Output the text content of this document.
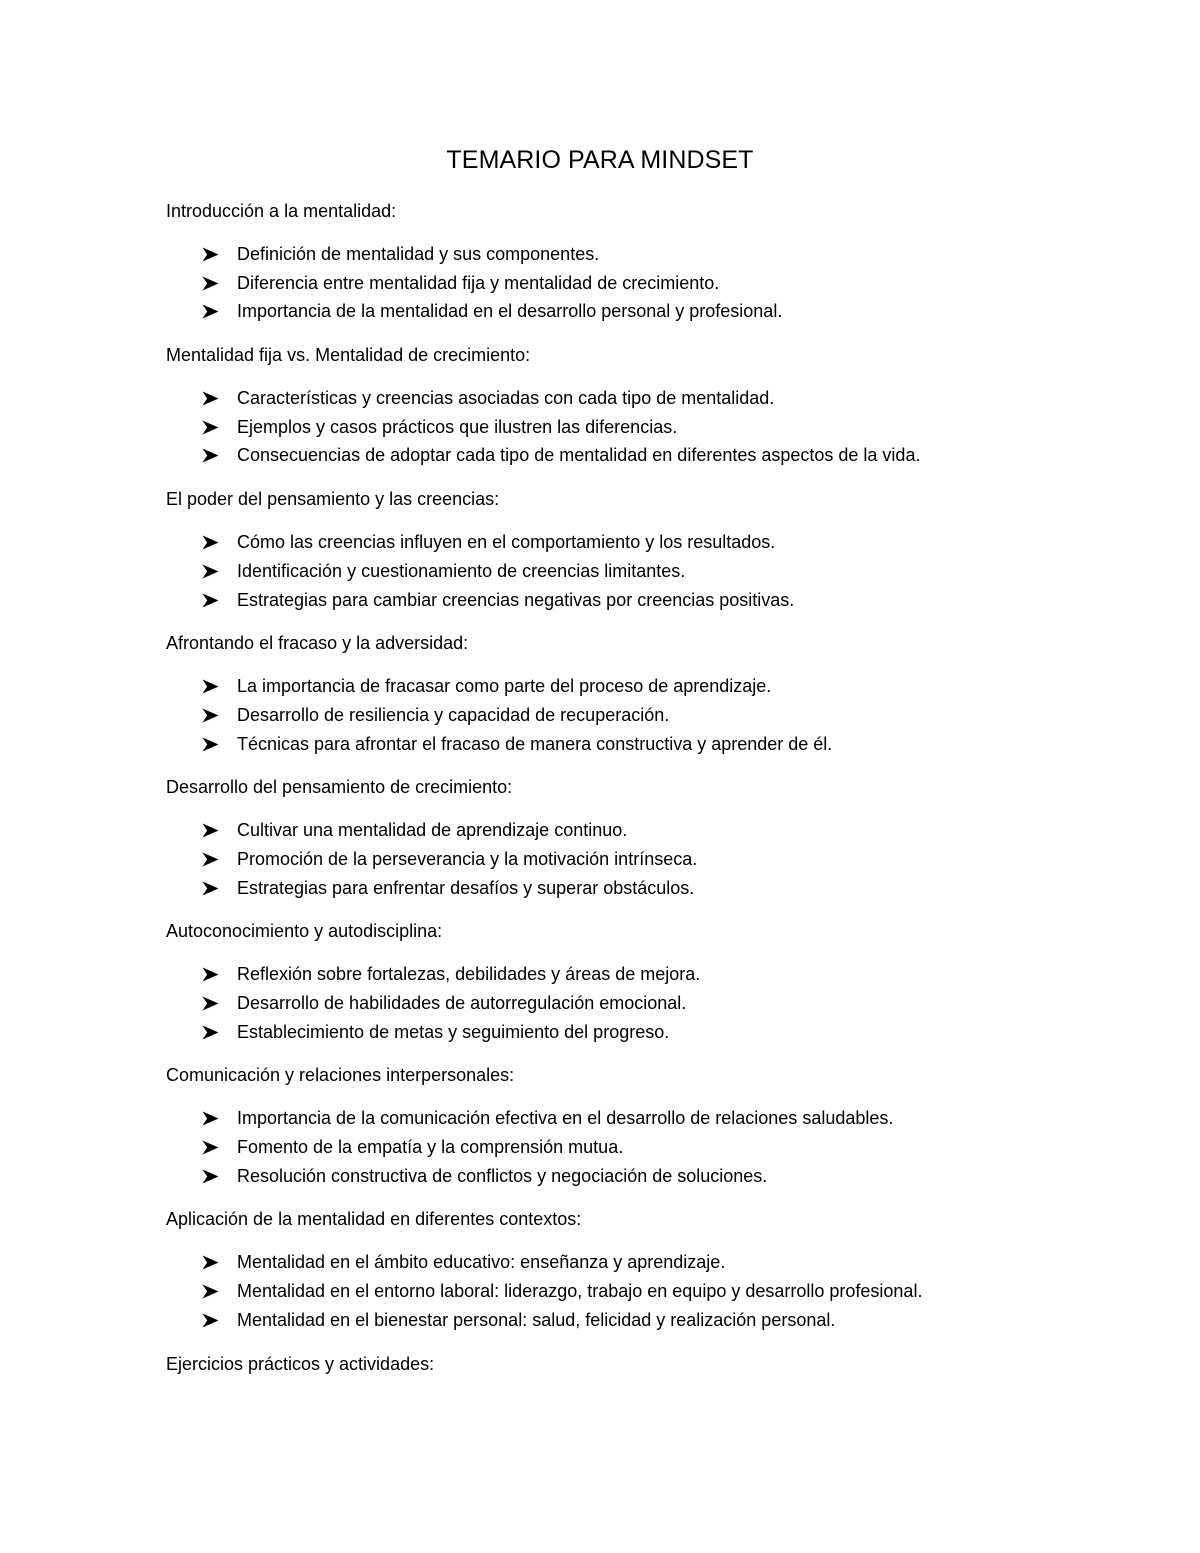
TEMARIO PARA MINDSET
Introducción a la mentalidad:
Definición de mentalidad y sus componentes.
Diferencia entre mentalidad fija y mentalidad de crecimiento.
Importancia de la mentalidad en el desarrollo personal y profesional.
Mentalidad fija vs. Mentalidad de crecimiento:
Características y creencias asociadas con cada tipo de mentalidad.
Ejemplos y casos prácticos que ilustren las diferencias.
Consecuencias de adoptar cada tipo de mentalidad en diferentes aspectos de la vida.
El poder del pensamiento y las creencias:
Cómo las creencias influyen en el comportamiento y los resultados.
Identificación y cuestionamiento de creencias limitantes.
Estrategias para cambiar creencias negativas por creencias positivas.
Afrontando el fracaso y la adversidad:
La importancia de fracasar como parte del proceso de aprendizaje.
Desarrollo de resiliencia y capacidad de recuperación.
Técnicas para afrontar el fracaso de manera constructiva y aprender de él.
Desarrollo del pensamiento de crecimiento:
Cultivar una mentalidad de aprendizaje continuo.
Promoción de la perseverancia y la motivación intrínseca.
Estrategias para enfrentar desafíos y superar obstáculos.
Autoconocimiento y autodisciplina:
Reflexión sobre fortalezas, debilidades y áreas de mejora.
Desarrollo de habilidades de autorregulación emocional.
Establecimiento de metas y seguimiento del progreso.
Comunicación y relaciones interpersonales:
Importancia de la comunicación efectiva en el desarrollo de relaciones saludables.
Fomento de la empatía y la comprensión mutua.
Resolución constructiva de conflictos y negociación de soluciones.
Aplicación de la mentalidad en diferentes contextos:
Mentalidad en el ámbito educativo: enseñanza y aprendizaje.
Mentalidad en el entorno laboral: liderazgo, trabajo en equipo y desarrollo profesional.
Mentalidad en el bienestar personal: salud, felicidad y realización personal.
Ejercicios prácticos y actividades:
